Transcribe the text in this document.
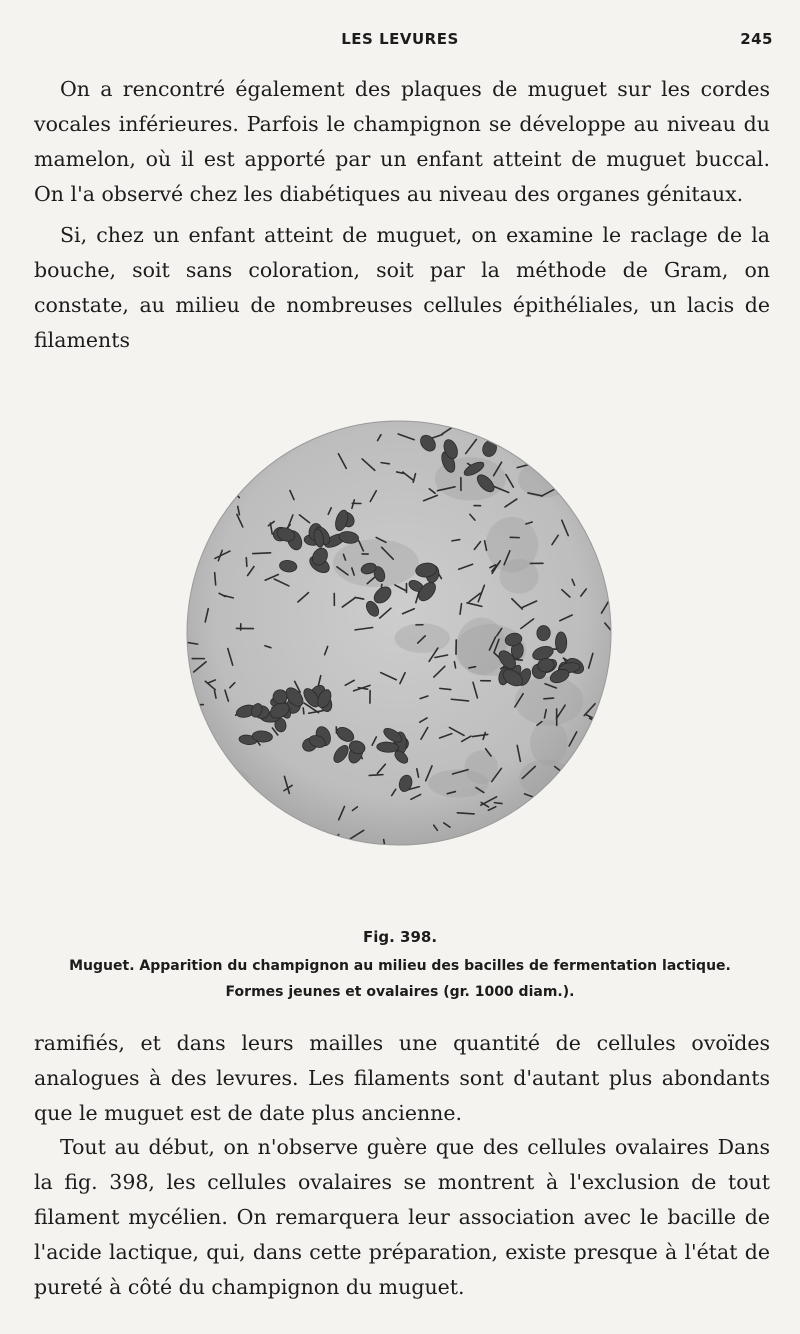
LES LEVURES	245

On a rencontré également des plaques de muguet sur les cordes vocales inférieures. Parfois le champignon se développe au niveau du mamelon, où il est apporté par un enfant atteint de muguet buccal. On l'a observé chez les diabétiques au niveau des organes génitaux.

Si, chez un enfant atteint de muguet, on examine le raclage de la bouche, soit sans coloration, soit par la méthode de Gram, on constate, au milieu de nombreuses cellules épithéliales, un lacis de filaments

Fig. 398.
Muguet. Apparition du champignon au milieu des bacilles de fermentation lactique.
Formes jeunes et ovalaires (gr. 1000 diam.).

ramifiés, et dans leurs mailles une quantité de cellules ovoïdes analogues à des levures. Les filaments sont d'autant plus abondants que le muguet est de date plus ancienne.

Tout au début, on n'observe guère que des cellules ovalaires Dans la fig. 398, les cellules ovalaires se montrent à l'exclusion de tout filament mycélien. On remarquera leur association avec le bacille de l'acide lactique, qui, dans cette préparation, existe presque à l'état de pureté à côté du champignon du muguet.
